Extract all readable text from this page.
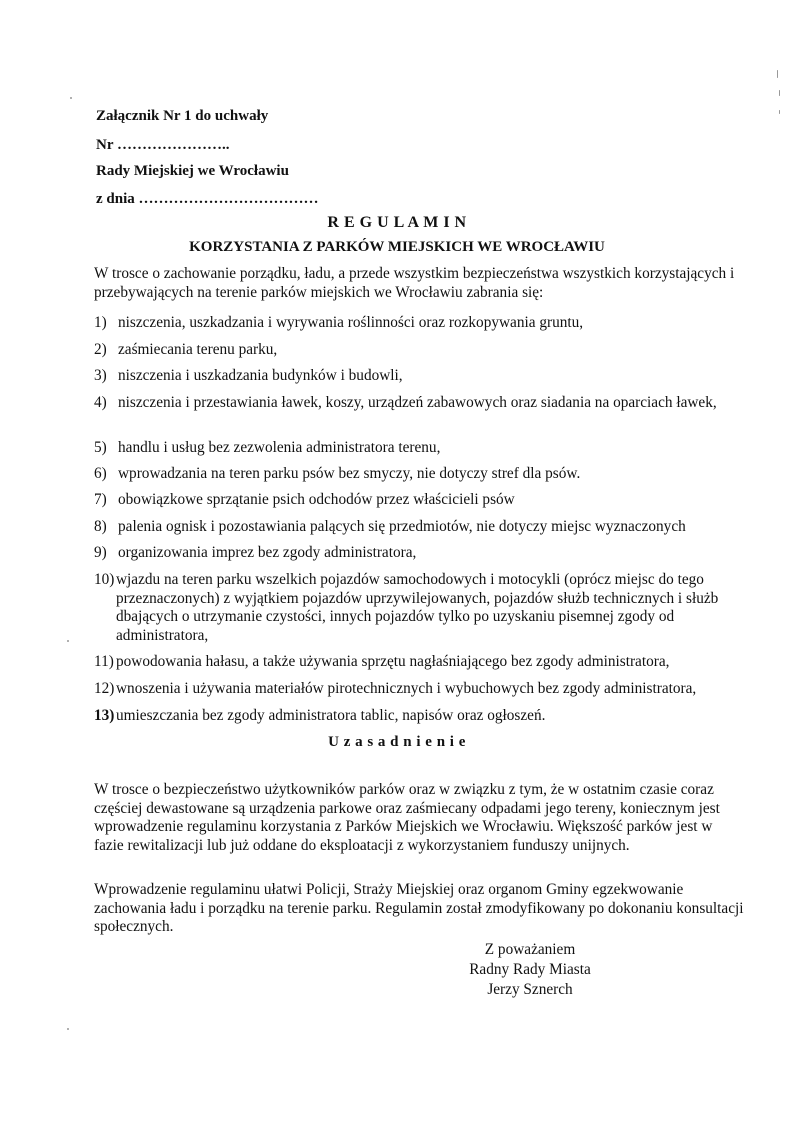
Załącznik Nr 1 do uchwały
Nr …………………..
Rady Miejskiej we Wrocławiu
z dnia ………………………………
R E G U L A M I N
KORZYSTANIA Z PARKÓW MIEJSKICH WE WROCŁAWIU
W trosce o zachowanie porządku, ładu, a przede wszystkim bezpieczeństwa wszystkich korzystających i przebywających na terenie parków miejskich we Wrocławiu zabrania się:
1) niszczenia, uszkadzania i wyrywania roślinności oraz rozkopywania gruntu,
2) zaśmiecania terenu parku,
3) niszczenia i uszkadzania budynków i budowli,
4) niszczenia i przestawiania ławek, koszy, urządzeń zabawowych oraz siadania na oparciach ławek,
5) handlu i usług bez zezwolenia administratora terenu,
6) wprowadzania na teren parku psów bez smyczy, nie dotyczy stref dla psów.
7) obowiązkowe sprzątanie psich odchodów przez właścicieli psów
8) palenia ognisk i pozostawiania palących się przedmiotów, nie dotyczy miejsc wyznaczonych
9) organizowania imprez bez zgody administratora,
10) wjazdu na teren parku wszelkich pojazdów samochodowych i motocykli (oprócz miejsc do tego przeznaczonych) z wyjątkiem pojazdów uprzywilejowanych, pojazdów służb technicznych i służb dbających o utrzymanie czystości, innych pojazdów tylko po uzyskaniu pisemnej zgody od administratora,
11) powodowania hałasu, a także używania sprzętu nagłaśniającego bez zgody administratora,
12) wnoszenia i używania materiałów pirotechnicznych i wybuchowych bez zgody administratora,
13) umieszczania bez zgody administratora tablic, napisów oraz ogłoszeń.
U z a s a d n i e n i e
W trosce o bezpieczeństwo użytkowników parków oraz w związku z tym, że w ostatnim czasie coraz częściej dewastowane są urządzenia parkowe oraz zaśmiecany odpadami jego tereny, koniecznym jest wprowadzenie regulaminu korzystania z Parków Miejskich we Wrocławiu. Większość parków jest w fazie rewitalizacji lub już oddane do eksploatacji z wykorzystaniem funduszy unijnych.
Wprowadzenie regulaminu ułatwi Policji, Straży Miejskiej oraz organom Gminy egzekwowanie zachowania ładu i porządku na terenie parku. Regulamin został zmodyfikowany po dokonaniu konsultacji społecznych.
Z poważaniem
Radny Rady Miasta
Jerzy Sznerch
